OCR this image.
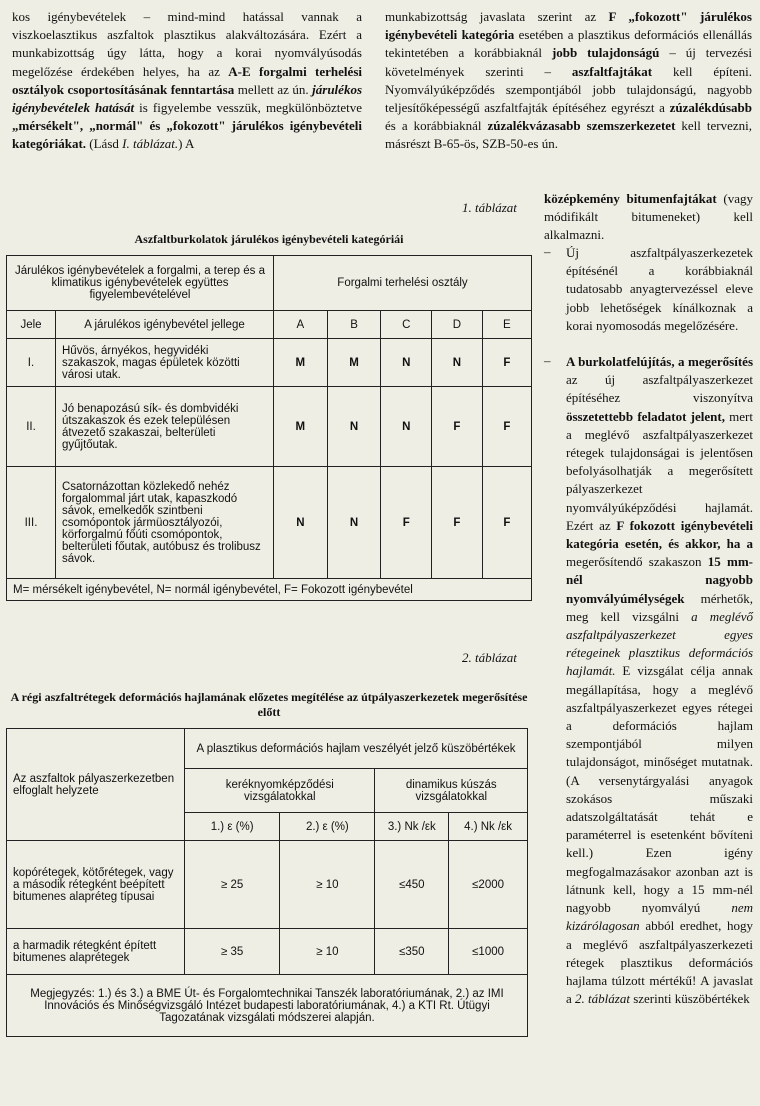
kos igénybevételek – mind-mind hatással vannak a viszkoelasztikus aszfaltok plasztikus alakváltozására. Ezért a munkabizottság úgy látta, hogy a korai nyomvályúsodás megelőzése érdekében helyes, ha az A-E forgalmi terhelési osztályok csoportosításának fenntartása mellett az ún. járulékos igénybevételek hatását is figyelembe vesszük, megkülönböztetve „mérsékelt", „normál" és „fokozott" járulékos igénybevételi kategóriákat. (Lásd I. táblázat.) A

munkabizottság javaslata szerint az F „fokozott" járulékos igénybevételi kategória esetében a plasztikus deformációs ellenállás tekintetében a korábbiaknál jobb tulajdonságú – új tervezési követelmények szerinti – aszfaltfajtákat kell építeni. Nyomvályúképződés szempontjából jobb tulajdonságú, nagyobb teljesítőképességű aszfaltfajták építéséhez egyrészt a zúzalékdúsabb és a korábbiaknál zúzalékvázasabb szemszerkezetet kell tervezni, másrészt B-65-ös, SZB-50-es ún.

középkemény bitumenfajtákat (vagy módifikált bitumeneket) kell alkalmazni.
1. táblázat
Aszfaltburkolatok járulékos igénybevételi kategóriái
Járulékos igénybevételek a forgalmi, a terep és a klimatikus igénybevételek együttes figyelembevételével		Forgalmi terhelési osztály				
Jele	A járulékos igénybevétel jellege	A	B	C	D	E
I.	Hűvös, árnyékos, hegyvidéki szakaszok, magas épületek közötti városi utak.	M	M	N	N	F
II.	Jó benapozású sík- és dombvidéki útszakaszok és ezek településen átvezető szakaszai, belterületi gyűjtőutak.	M	N	N	F	F
III.	Csatornázottan közlekedő nehéz forgalommal járt utak, kapaszkodó sávok, emelkedők szintbeni csomópontok jármüosztályozói, körforgalmú főúti csomópontok, belterületi főutak, autóbusz és trolibusz sávok.	N	N	F	F	F
M= mérsékelt igénybevétel, N= normál igénybevétel, F= Fokozott igénybevétel						
2. táblázat
A régi aszfaltrétegek deformációs hajlamának előzetes megítélése az útpályaszerkezetek megerősítése előtt
Az aszfaltok pályaszerkezetben elfoglalt helyzete	A plasztikus deformációs hajlam veszélyét jelző küszöbértékek			
	keréknyomképződési vizsgálatokkal		dinamikus kúszás vizsgálatokkal	
	1.) ε (%)	2.) ε (%)	3.) Nk /εk	4.) Nk /εk
kopórétegek, kötőrétegek, vagy a második rétegként beépített bitumenes alapréteg típusai	≥ 25	≥ 10	≤450	≤2000
a harmadik rétegként épített bitumenes alaprétegek	≥ 35	≥ 10	≤350	≤1000
Megjegyzés: 1.) és 3.) a BME Út- és Forgalomtechnikai Tanszék laboratóriumának, 2.) az IMI Innovációs és Minőségvizsgáló Intézet budapesti laboratóriumának, 4.) a KTI Rt. Útügyi Tagozatának vizsgálati módszerei alapján.				
– Új aszfaltpályaszerkezetek építésénél a korábbiaknál tudatosabb anyagtervezéssel eleve jobb lehetőségek kínálkoznak a korai nyomosodás megelőzésére.
– A burkolatfelújítás, a megerősítés az új aszfaltpályaszerkezet építéséhez viszonyítva összetettebb feladatot jelent, mert a meglévő aszfaltpályaszerkezet rétegek tulajdonságai is jelentősen befolyásolhatják a megerősített pályaszerkezet nyomvályúképződési hajlamát. Ezért az F fokozott igénybevételi kategória esetén, és akkor, ha a megerősítendő szakaszon 15 mm-nél nagyobb nyomvályúmélységek mérhetők, meg kell vizsgálni a meglévő aszfaltpályaszerkezet egyes rétegeinek plasztikus deformációs hajlamát. E vizsgálat célja annak megállapítása, hogy a meglévő aszfaltpályaszerkezet egyes rétegei a deformációs hajlam szempontjából milyen tulajdonságot, minőséget mutatnak. (A versenytárgyalási anyagok szokásos műszaki adatszolgáltatását tehát e paraméterrel is esetenként bővíteni kell.) Ezen igény megfogalmazásakor azonban azt is látnunk kell, hogy a 15 mm-nél nagyobb nyomvályú nem kizárólagosan abból eredhet, hogy a meglévő aszfaltpályaszerkezeti rétegek plasztikus deformációs hajlama túlzott mértékű! A javaslat a 2. táblázat szerinti küszöbértékek
